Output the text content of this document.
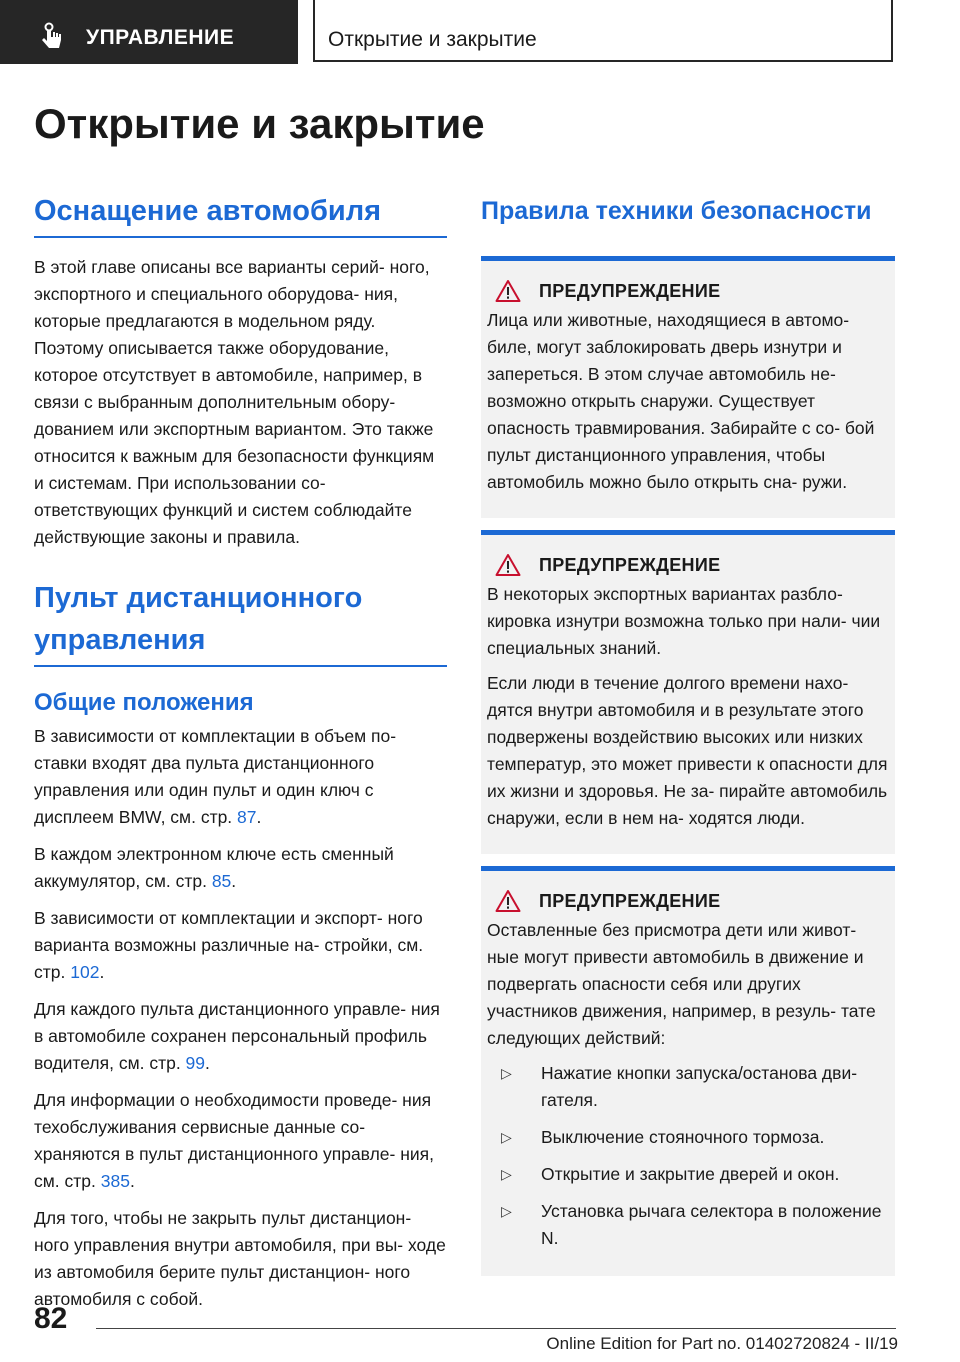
УПРАВЛЕНИЕ	Открытие и закрытие
Открытие и закрытие
Оснащение автомобиля

В этой главе описаны все варианты серий- ного, экспортного и специального оборудова- ния, которые предлагаются в модельном ряду. Поэтому описывается также оборудование, которое отсутствует в автомобиле, например, в связи с выбранным дополнительным обору- дованием или экспортным вариантом. Это также относится к важным для безопасности функциям и системам. При использовании со- ответствующих функций и систем соблюдайте действующие законы и правила.

Пульт дистанционного управления
Общие положения

В зависимости от комплектации в объем по- ставки входят два пульта дистанционного управления или один пульт и один ключ с дисплеем BMW, см. стр. 87.

В каждом электронном ключе есть сменный аккумулятор, см. стр. 85.

В зависимости от комплектации и экспорт- ного варианта возможны различные на- стройки, см. стр. 102.

Для каждого пульта дистанционного управле- ния в автомобиле сохранен персональный профиль водителя, см. стр. 99.

Для информации о необходимости проведе- ния техобслуживания сервисные данные со- храняются в пульт дистанционного управле- ния, см. стр. 385.

Для того, чтобы не закрыть пульт дистанцион- ного управления внутри автомобиля, при вы- ходе из автомобиля берите пульт дистанцион- ного автомобиля с собой.

Правила техники безопасности
ПРЕДУПРЕЖДЕНИЕ

Лица или животные, находящиеся в автомо- биле, могут заблокировать дверь изнутри и запереться. В этом случае автомобиль не- возможно открыть снаружи. Существует опасность травмирования. Забирайте с со- бой пульт дистанционного управления, чтобы автомобиль можно было открыть сна- ружи.

ПРЕДУПРЕЖДЕНИЕ

В некоторых экспортных вариантах разбло- кировка изнутри возможна только при нали- чии специальных знаний.

Если люди в течение долгого времени нахо- дятся внутри автомобиля и в результате этого подвержены воздействию высоких или низких температур, это может привести к опасности для их жизни и здоровья. Не за- пирайте автомобиль снаружи, если в нем на- ходятся люди.

ПРЕДУПРЕЖДЕНИЕ

Оставленные без присмотра дети или живот- ные могут привести автомобиль в движение и подвергать опасности себя или других участников движения, например, в резуль- тате следующих действий:

▷	Нажатие кнопки запуска/останова дви- гателя.
▷	Выключение стояночного тормоза.
▷	Открытие и закрытие дверей и окон.
▷	Установка рычага селектора в положение N.
82
Online Edition for Part no. 01402720824 - II/19
